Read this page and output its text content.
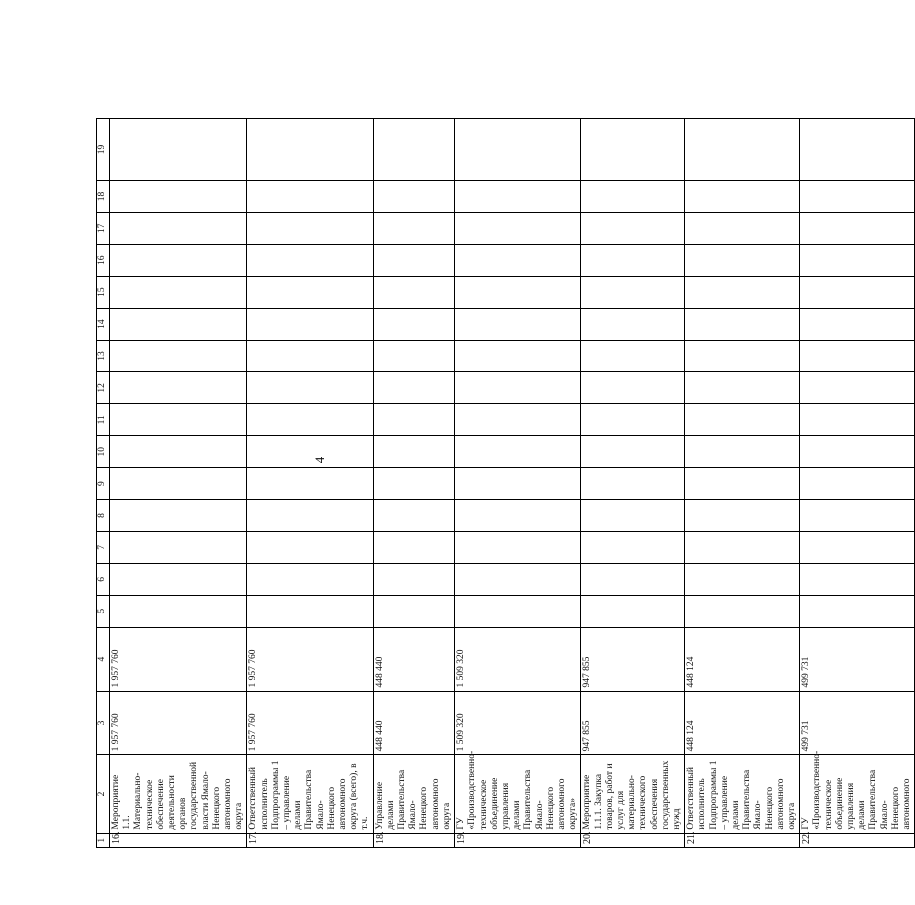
4
1	2	3	4	5	6	7	8	9	10	11	12	13	14	15	16	17	18	19
16.	Мероприятие 1.1. Материально-техническое обеспечение деятельности органов государственной власти Ямало-Ненецкого автономного округа	1 957 760	1 957 760															
17.	Ответственный исполнитель Подпрограммы 1 – управление делами Правительства Ямало-Ненецкого автономного округа (всего), в т.ч.	1 957 760	1 957 760															
18.	Управление делами Правительства Ямало-Ненецкого автономного округа	448 440	448 440															
19.	ГУ «Производственно-техническое объединение управления делами Правительства Ямало-Ненецкого автономного округа»	1 509 320	1 509 320															
20.	Мероприятие 1.1.1. Закупка товаров, работ и услуг для материально-технического обеспечения государственных нужд	947 855	947 855															
21.	Ответственный исполнитель Подпрограммы 1 – управление делами Правительства Ямало-Ненецкого автономного округа	448 124	448 124															
22.	ГУ «Производственно-техническое объединение управления делами Правительства Ямало-Ненецкого автономного	499 731	499 731															
